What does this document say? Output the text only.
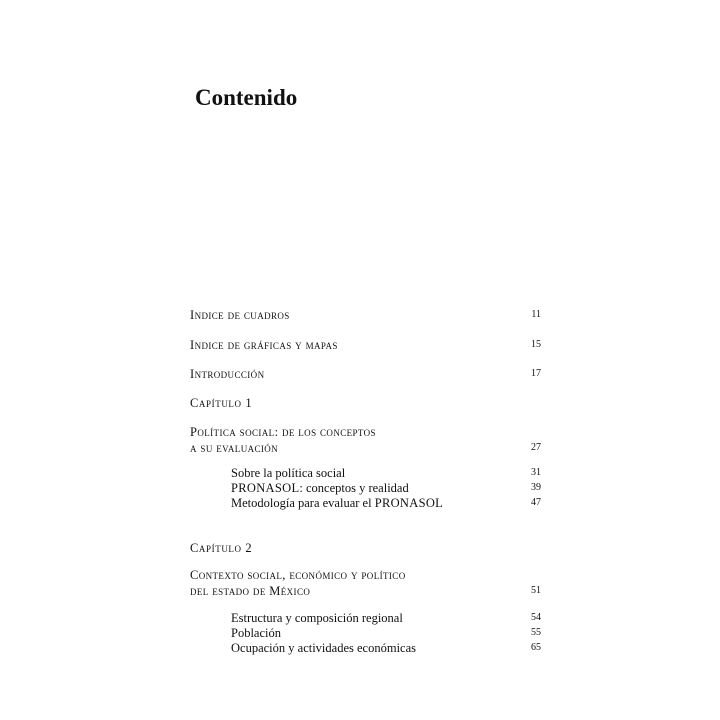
Contenido
Indice de cuadros	11
Indice de gráficas y mapas	15
Introducción	17
Capítulo 1
Política social: de los conceptos
a su evaluación	27
Sobre la política social	31
PRONASOL: conceptos y realidad	39
Metodología para evaluar el PRONASOL	47
Capítulo 2
Contexto social, económico y político
del estado de México	51
Estructura y composición regional	54
Población	55
Ocupación y actividades económicas	65
